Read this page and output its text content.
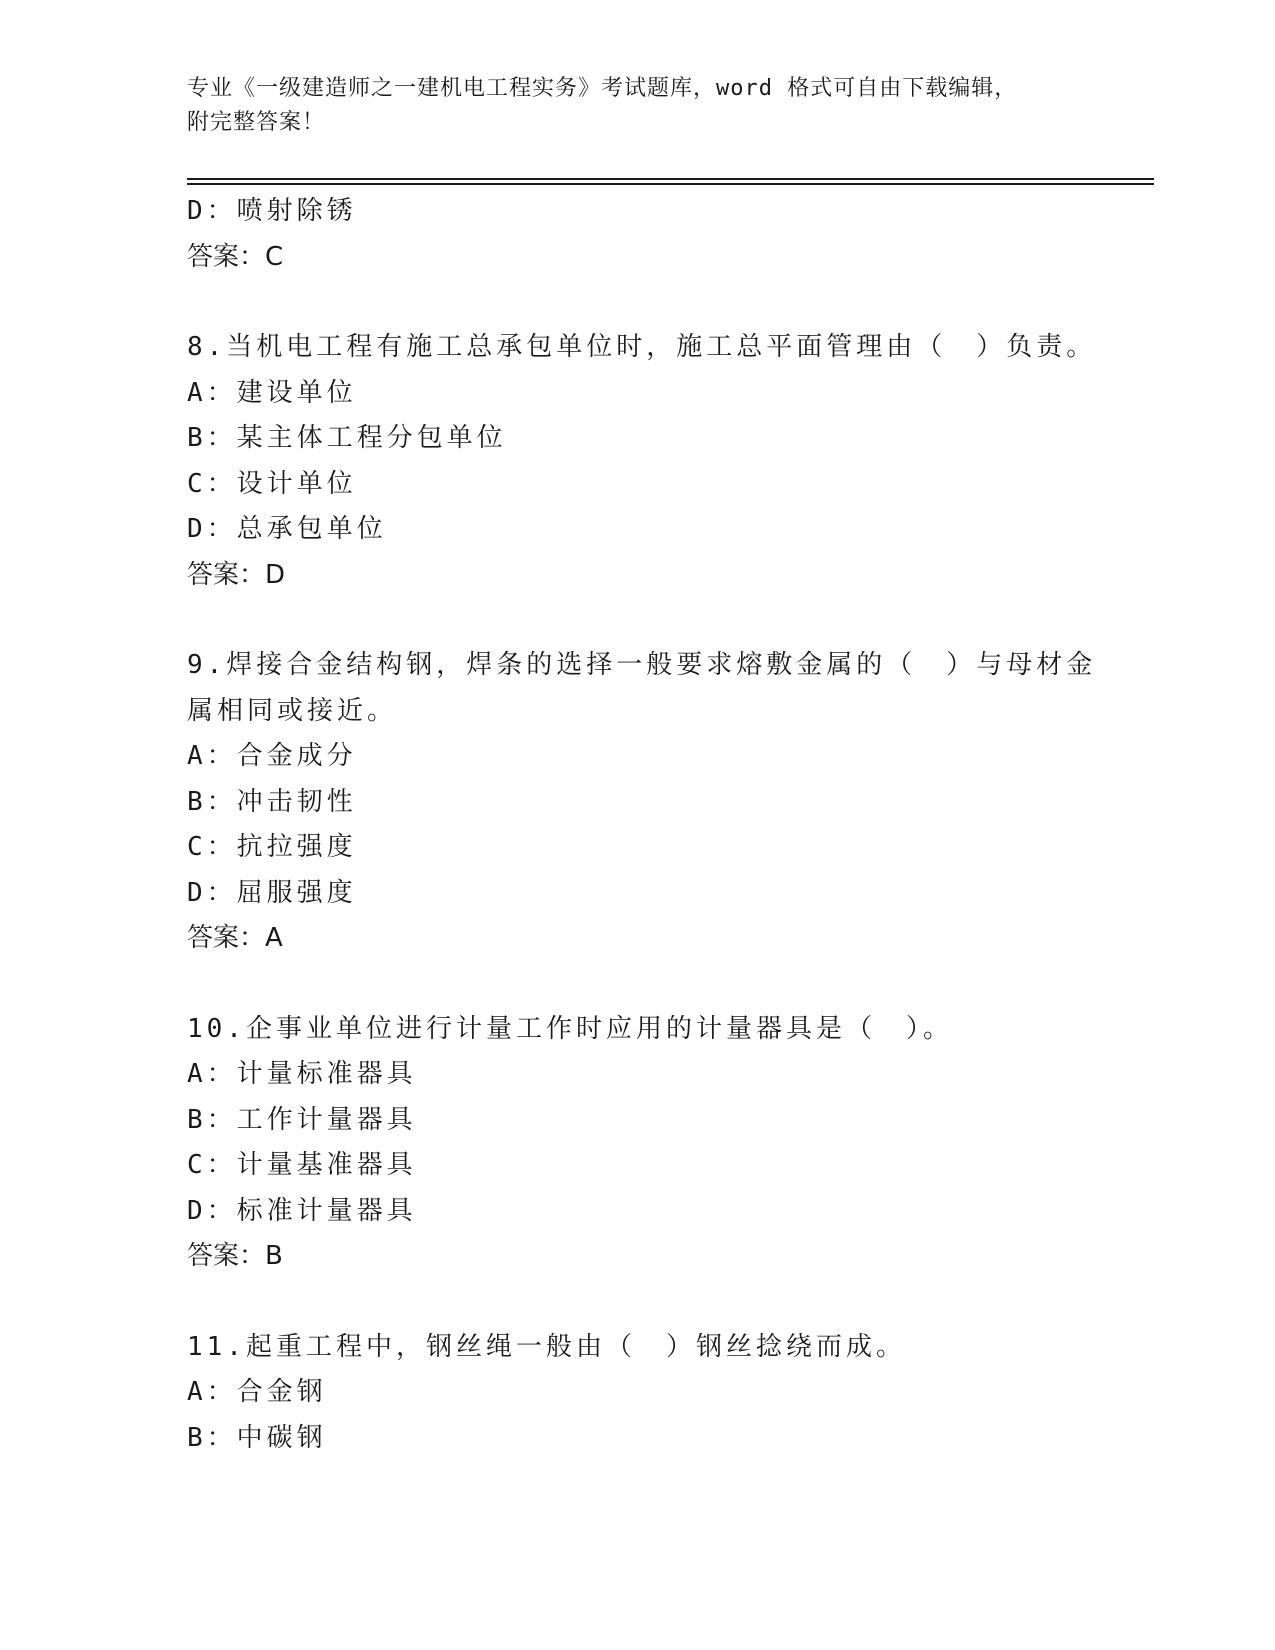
专业《一级建造师之一建机电工程实务》考试题库，word 格式可自由下载编辑，
附完整答案！
D：喷射除锈
答案：C
8.当机电工程有施工总承包单位时，施工总平面管理由（　）负责。
A：建设单位
B：某主体工程分包单位
C：设计单位
D：总承包单位
答案：D
9.焊接合金结构钢，焊条的选择一般要求熔敷金属的（　）与母材金
属相同或接近。
A：合金成分
B：冲击韧性
C：抗拉强度
D：屈服强度
答案：A
10.企事业单位进行计量工作时应用的计量器具是（　）。
A：计量标准器具
B：工作计量器具
C：计量基准器具
D：标准计量器具
答案：B
11.起重工程中，钢丝绳一般由（　）钢丝捻绕而成。
A：合金钢
B：中碳钢
